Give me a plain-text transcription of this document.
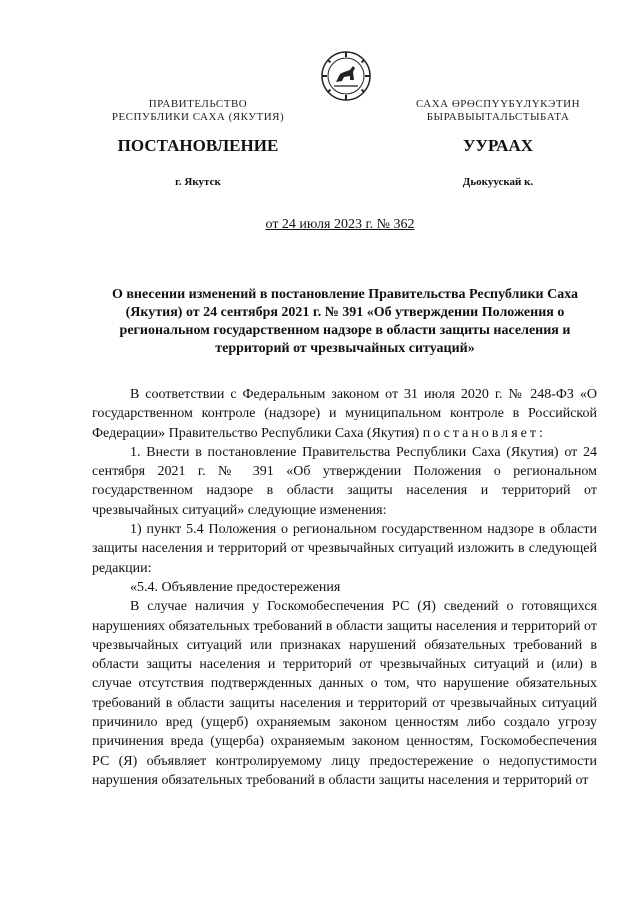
ПРАВИТЕЛЬСТВО
РЕСПУБЛИКИ САХА (ЯКУТИЯ)
САХА ӨРӨСПҮҮБҮЛҮКЭТИН
БЫРАВЫЫТАЛЬСТЫБАТА
ПОСТАНОВЛЕНИЕ	УУРААХ
г. Якутск	Дьокуускай к.
от 24 июля 2023 г. № 362
О внесении изменений в постановление Правительства Республики Саха (Якутия) от 24 сентября 2021 г. № 391 «Об утверждении Положения о региональном государственном надзоре в области защиты населения и территорий от чрезвычайных ситуаций»

В соответствии с Федеральным законом от 31 июля 2020 г. № 248-ФЗ «О государственном контроле (надзоре) и муниципальном контроле в Российской Федерации» Правительство Республики Саха (Якутия) постановляет:

1. Внести в постановление Правительства Республики Саха (Якутия) от 24 сентября 2021 г. № 391 «Об утверждении Положения о региональном государственном надзоре в области защиты населения и территорий от чрезвычайных ситуаций» следующие изменения:

1) пункт 5.4 Положения о региональном государственном надзоре в области защиты населения и территорий от чрезвычайных ситуаций изложить в следующей редакции:

«5.4. Объявление предостережения

В случае наличия у Госкомобеспечения РС (Я) сведений о готовящихся нарушениях обязательных требований в области защиты населения и территорий от чрезвычайных ситуаций или признаках нарушений обязательных требований в области защиты населения и территорий от чрезвычайных ситуаций и (или) в случае отсутствия подтвержденных данных о том, что нарушение обязательных требований в области защиты населения и территорий от чрезвычайных ситуаций причинило вред (ущерб) охраняемым законом ценностям либо создало угрозу причинения вреда (ущерба) охраняемым законом ценностям, Госкомобеспечения РС (Я) объявляет контролируемому лицу предостережение о недопустимости нарушения обязательных требований в области защиты населения и территорий от
